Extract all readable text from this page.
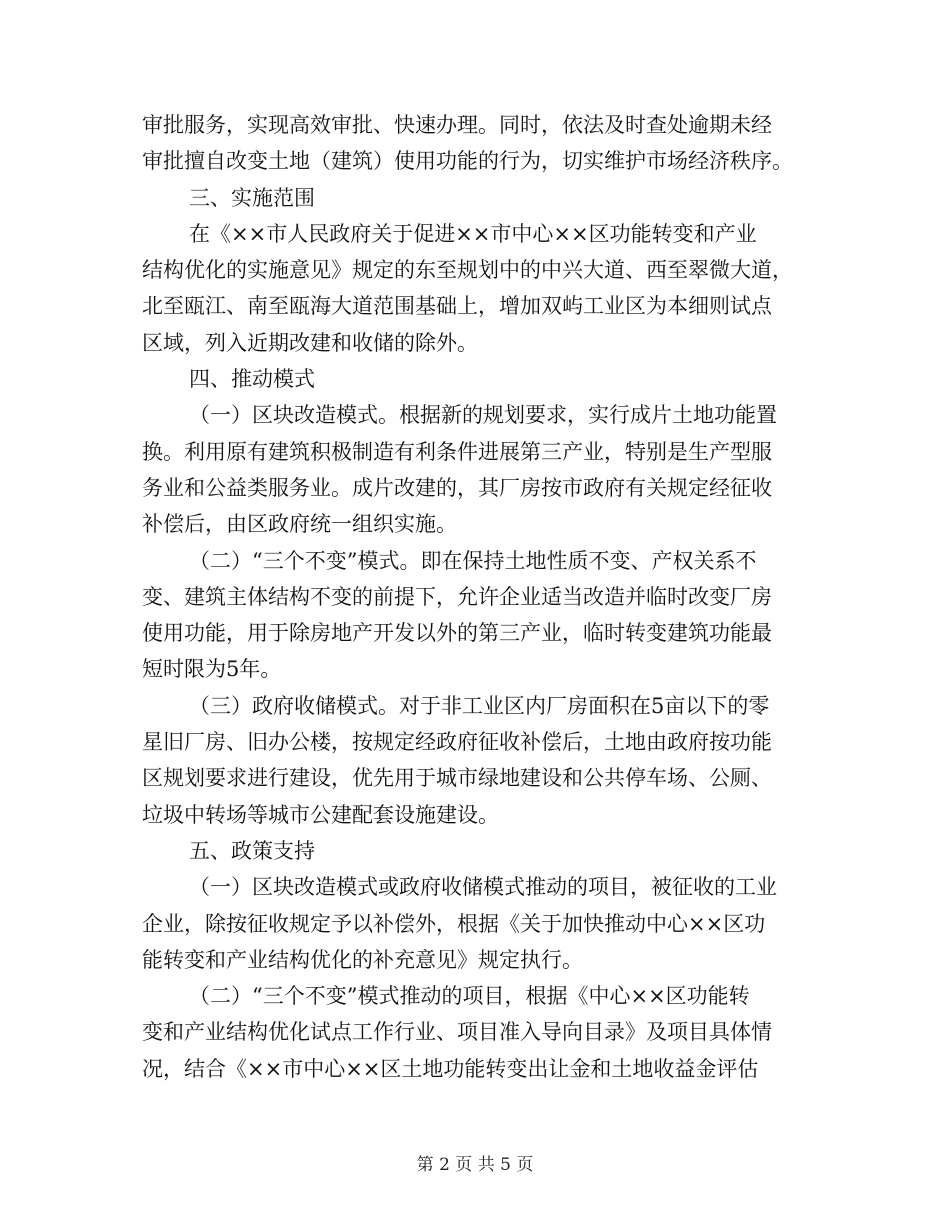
审批服务，实现高效审批、快速办理。同时，依法及时查处逾期未经
审批擅自改变土地（建筑）使用功能的行为，切实维护市场经济秩序。
三、实施范围
在《××市人民政府关于促进××市中心××区功能转变和产业
结构优化的实施意见》规定的东至规划中的中兴大道、西至翠微大道，
北至瓯江、南至瓯海大道范围基础上，增加双屿工业区为本细则试点
区域，列入近期改建和收储的除外。
四、推动模式
（一）区块改造模式。根据新的规划要求，实行成片土地功能置
换。利用原有建筑积极制造有利条件进展第三产业，特别是生产型服
务业和公益类服务业。成片改建的，其厂房按市政府有关规定经征收
补偿后，由区政府统一组织实施。
（二）“三个不变”模式。即在保持土地性质不变、产权关系不
变、建筑主体结构不变的前提下，允许企业适当改造并临时改变厂房
使用功能，用于除房地产开发以外的第三产业，临时转变建筑功能最
短时限为5年。
（三）政府收储模式。对于非工业区内厂房面积在5亩以下的零
星旧厂房、旧办公楼，按规定经政府征收补偿后，土地由政府按功能
区规划要求进行建设，优先用于城市绿地建设和公共停车场、公厕、
垃圾中转场等城市公建配套设施建设。
五、政策支持
（一）区块改造模式或政府收储模式推动的项目，被征收的工业
企业，除按征收规定予以补偿外，根据《关于加快推动中心××区功
能转变和产业结构优化的补充意见》规定执行。
（二）“三个不变”模式推动的项目，根据《中心××区功能转
变和产业结构优化试点工作行业、项目准入导向目录》及项目具体情
况，结合《××市中心××区土地功能转变出让金和土地收益金评估
第 2 页 共 5 页
